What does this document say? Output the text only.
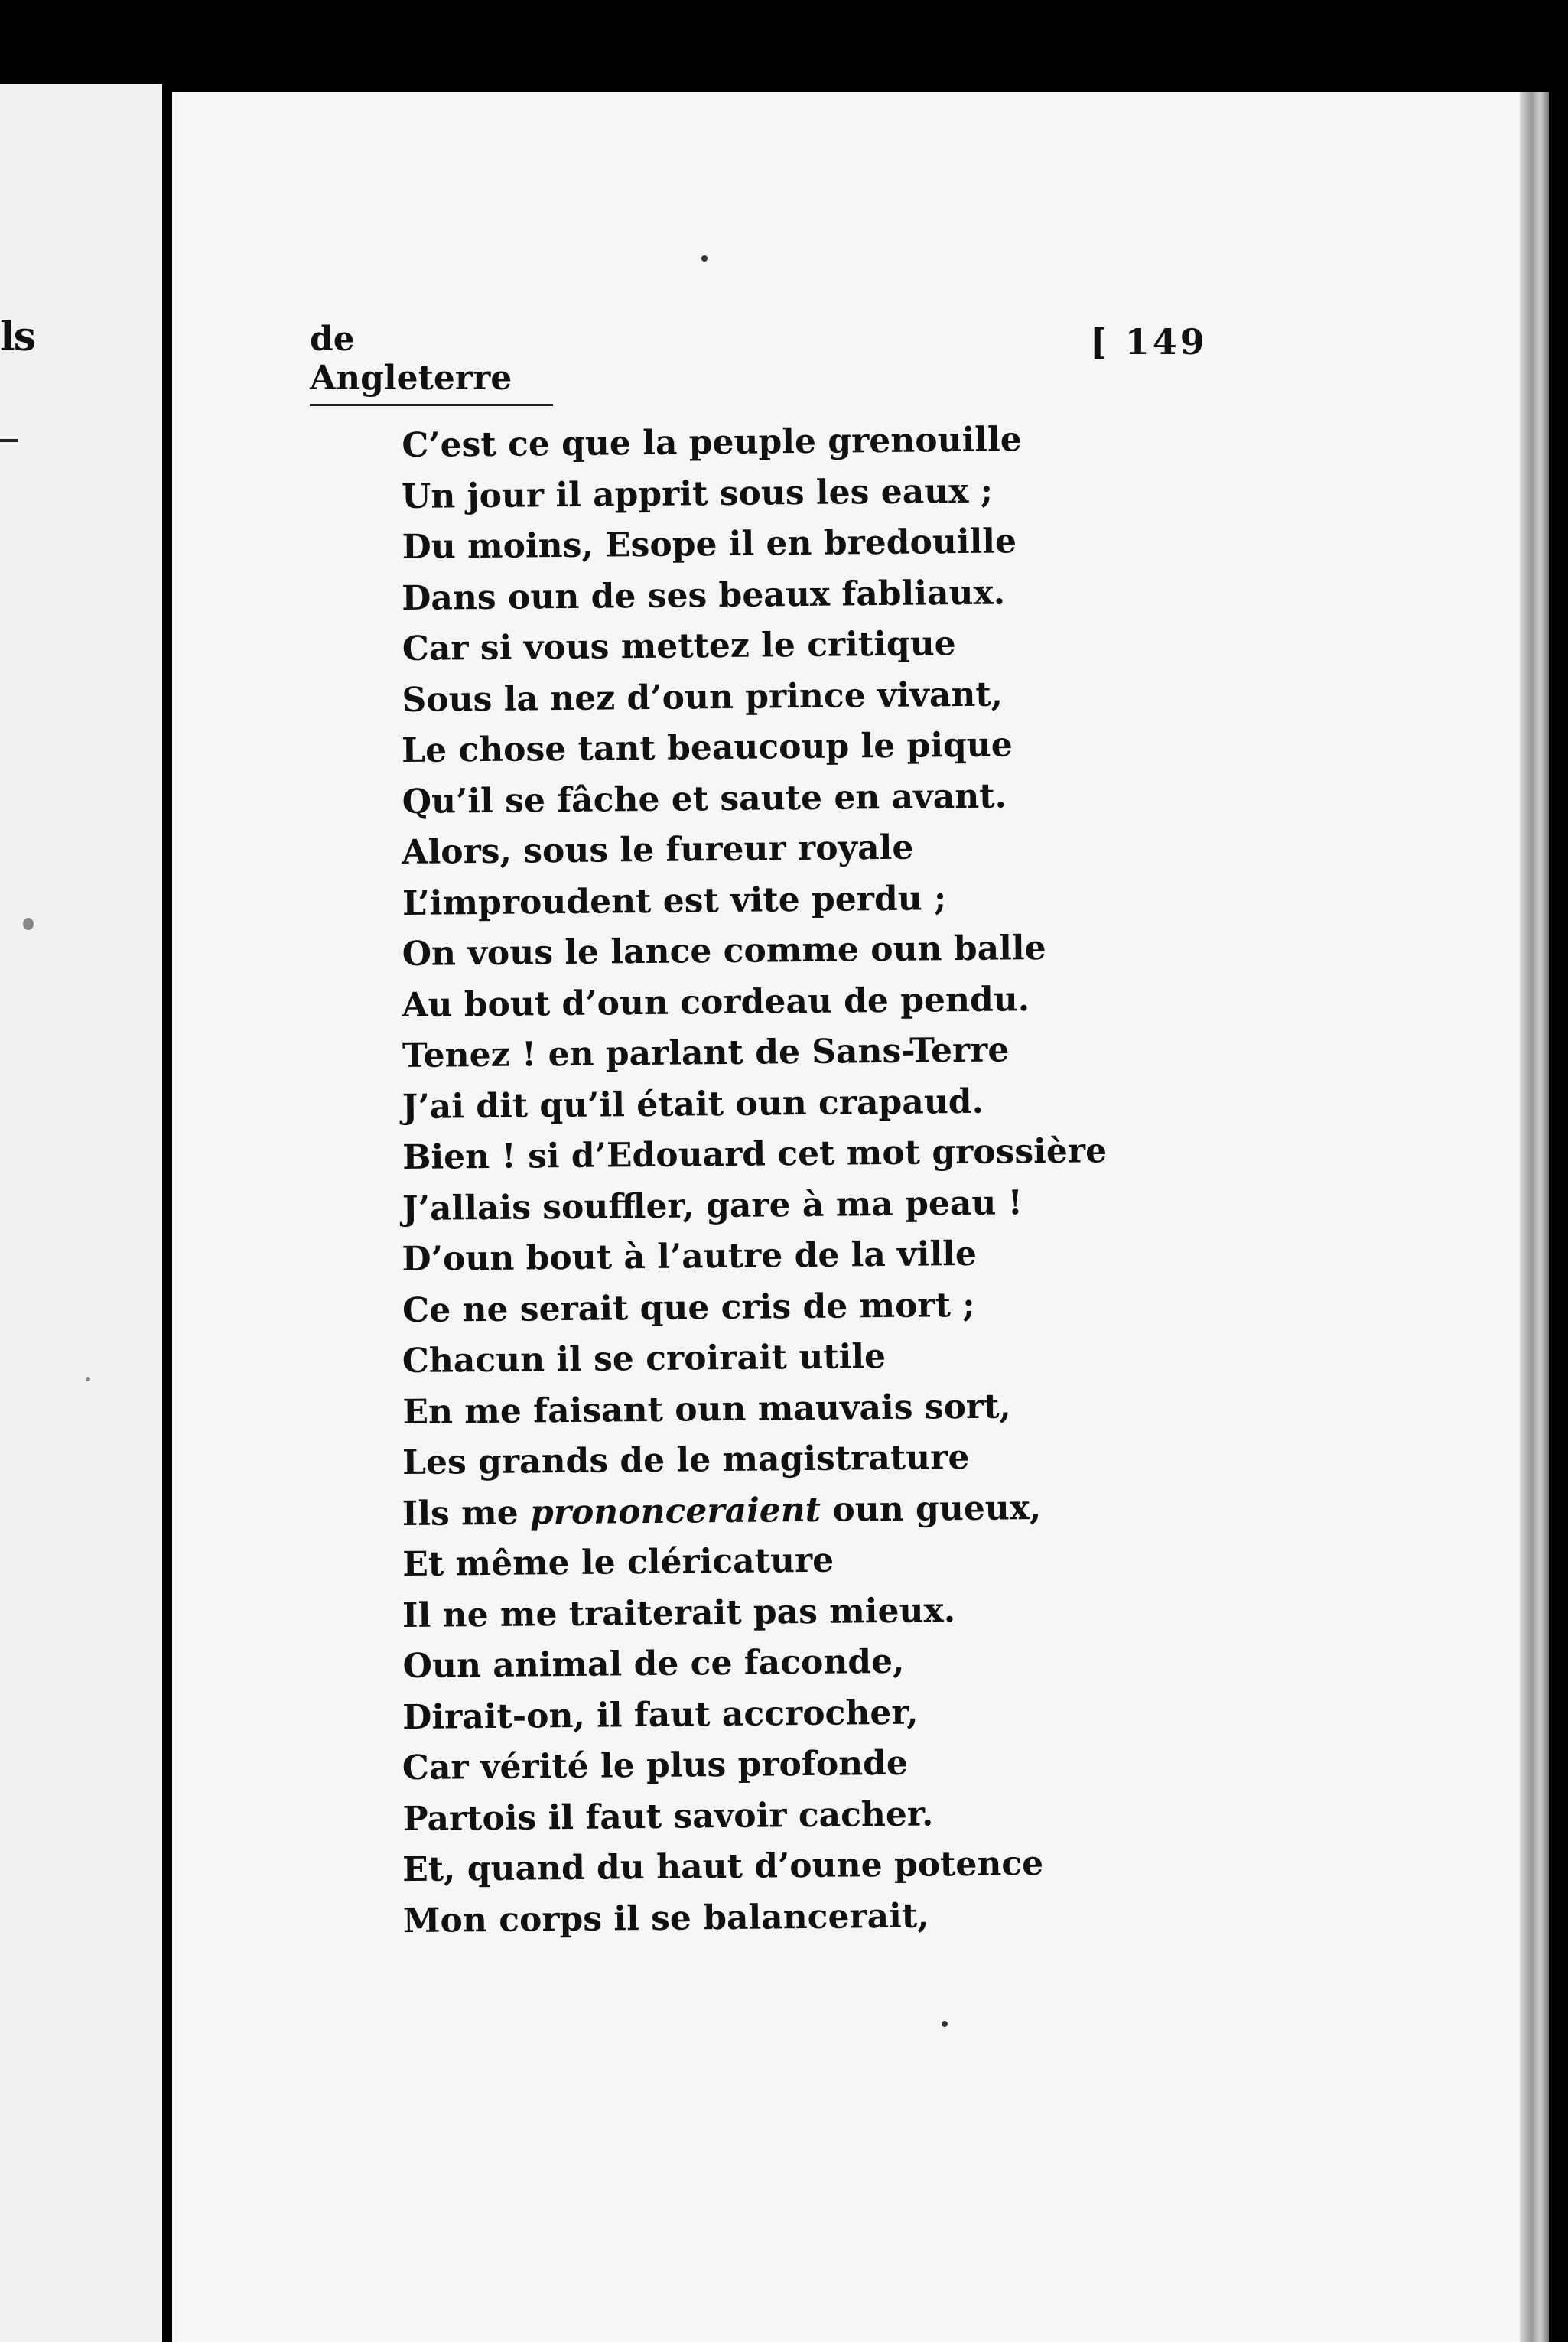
ls	de Angleterre
[ 149
C’est ce que la peuple grenouille
Un jour il apprit sous les eaux ;
Du moins, Esope il en bredouille
Dans oun de ses beaux fabliaux.
Car si vous mettez le critique
Sous la nez d’oun prince vivant,
Le chose tant beaucoup le pique
Qu’il se fâche et saute en avant.
Alors, sous le fureur royale
L’improudent est vite perdu ;
On vous le lance comme oun balle
Au bout d’oun cordeau de pendu.
Tenez ! en parlant de Sans-Terre
J’ai dit qu’il était oun crapaud.
Bien ! si d’Edouard cet mot grossière
J’allais souffler, gare à ma peau !
D’oun bout à l’autre de la ville
Ce ne serait que cris de mort ;
Chacun il se croirait utile
En me faisant oun mauvais sort,
Les grands de le magistrature
Ils me prononceraient oun gueux,
Et même le cléricature
Il ne me traiterait pas mieux.
Oun animal de ce faconde,
Dirait-on, il faut accrocher,
Car vérité le plus profonde
Partois il faut savoir cacher.
Et, quand du haut d’oune potence
Mon corps il se balancerait,
